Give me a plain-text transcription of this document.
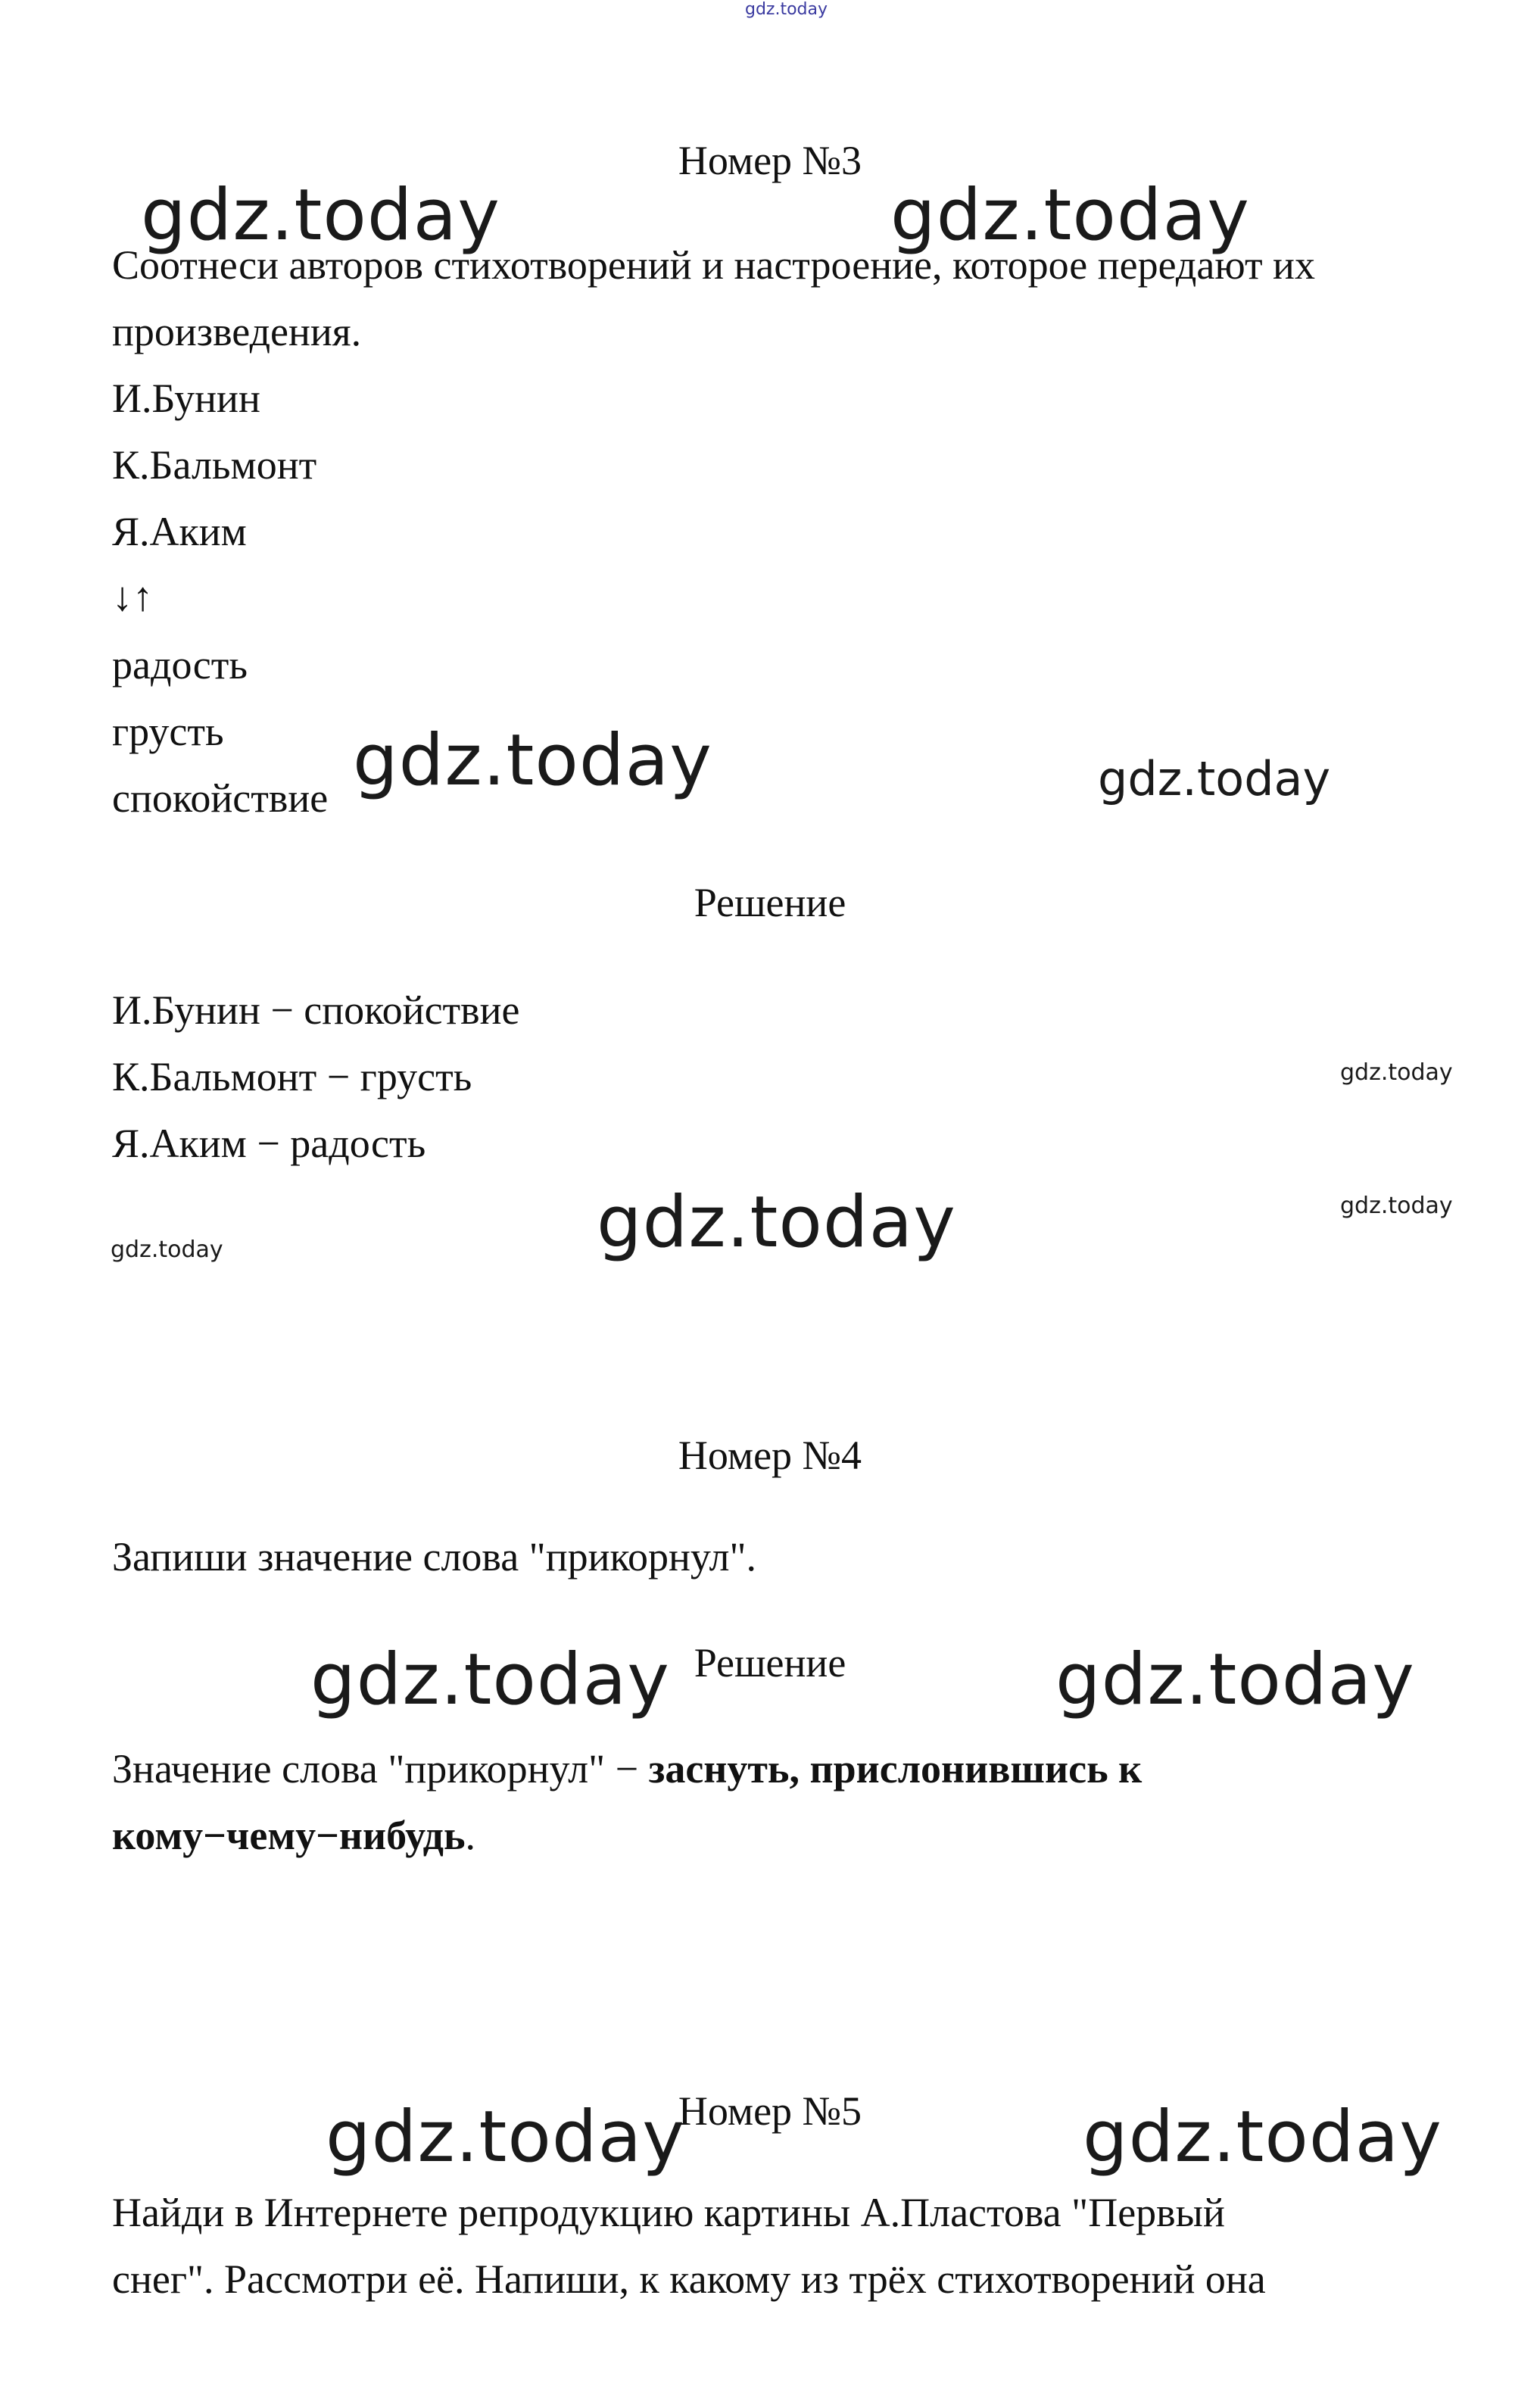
gdz.today

Номер №3

gdz.today	gdz.today

Соотнеси авторов стихотворений и настроение, которое передают их

произведения.

И.Бунин

К.Бальмонт

Я.Аким

↓↑

радость

грусть

спокойствие gdz.today	gdz.today

Решение

И.Бунин − спокойствие

К.Бальмонт − грусть

Я.Аким − радость

gdz.today
gdz.today
gdz.today
gdz.today

Номер №4

Запиши значение слова "прикорнул".

Решение

gdz.today	gdz.today

Значение слова "прикорнул" − заснуть, прислонившись к

кому−чему−нибудь.

gdz.today	gdz.today

Номер №5

Найди в Интернете репродукцию картины А.Пластова "Первый

снег". Рассмотри её. Напиши, к какому из трёх стихотворений она
